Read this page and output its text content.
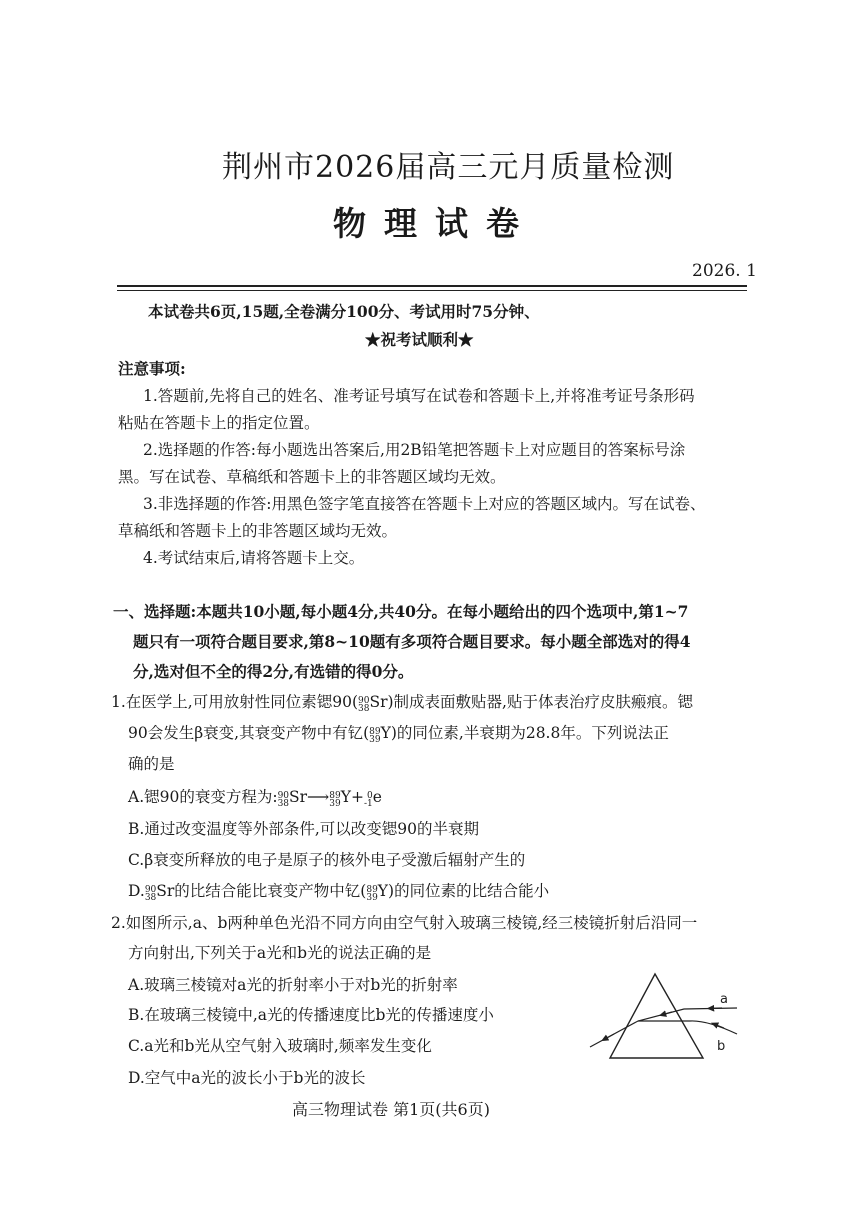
荆州市2026届高三元月质量检测
物理试卷
2026. 1
本试卷共6页,15题,全卷满分100分、考试用时75分钟、
★祝考试顺利★
注意事项:
1.答题前,先将自己的姓名、准考证号填写在试卷和答题卡上,并将准考证号条形码
粘贴在答题卡上的指定位置。
2.选择题的作答:每小题选出答案后,用2B铅笔把答题卡上对应题目的答案标号涂
黑。写在试卷、草稿纸和答题卡上的非答题区域均无效。
3.非选择题的作答:用黑色签字笔直接答在答题卡上对应的答题区域内。写在试卷、
草稿纸和答题卡上的非答题区域均无效。
4.考试结束后,请将答题卡上交。
一、选择题:本题共10小题,每小题4分,共40分。在每小题给出的四个选项中,第1~7
题只有一项符合题目要求,第8~10题有多项符合题目要求。每小题全部选对的得4
分,选对但不全的得2分,有选错的得0分。
1.在医学上,可用放射性同位素锶90( 90
38 Sr)制成表面敷贴器,贴于体表治疗皮肤瘢痕。锶
90会发生β衰变,其衰变产物中有钇( 89
39 Y)的同位素,半衰期为28.8年。下列说法正
确的是
A.锶90的衰变方程为: 90
38 Sr⟶ 89
39 Y+ 0
-1 e
B.通过改变温度等外部条件,可以改变锶90的半衰期
C.β衰变所释放的电子是原子的核外电子受激后辐射产生的
D. 90
38 Sr的比结合能比衰变产物中钇( 89
39 Y)的同位素的比结合能小
2.如图所示,a、b两种单色光沿不同方向由空气射入玻璃三棱镜,经三棱镜折射后沿同一
方向射出,下列关于a光和b光的说法正确的是
A.玻璃三棱镜对a光的折射率小于对b光的折射率
B.在玻璃三棱镜中,a光的传播速度比b光的传播速度小
C.a光和b光从空气射入玻璃时,频率发生变化
D.空气中a光的波长小于b光的波长
a
b
高三物理试卷 第1页(共6页)
